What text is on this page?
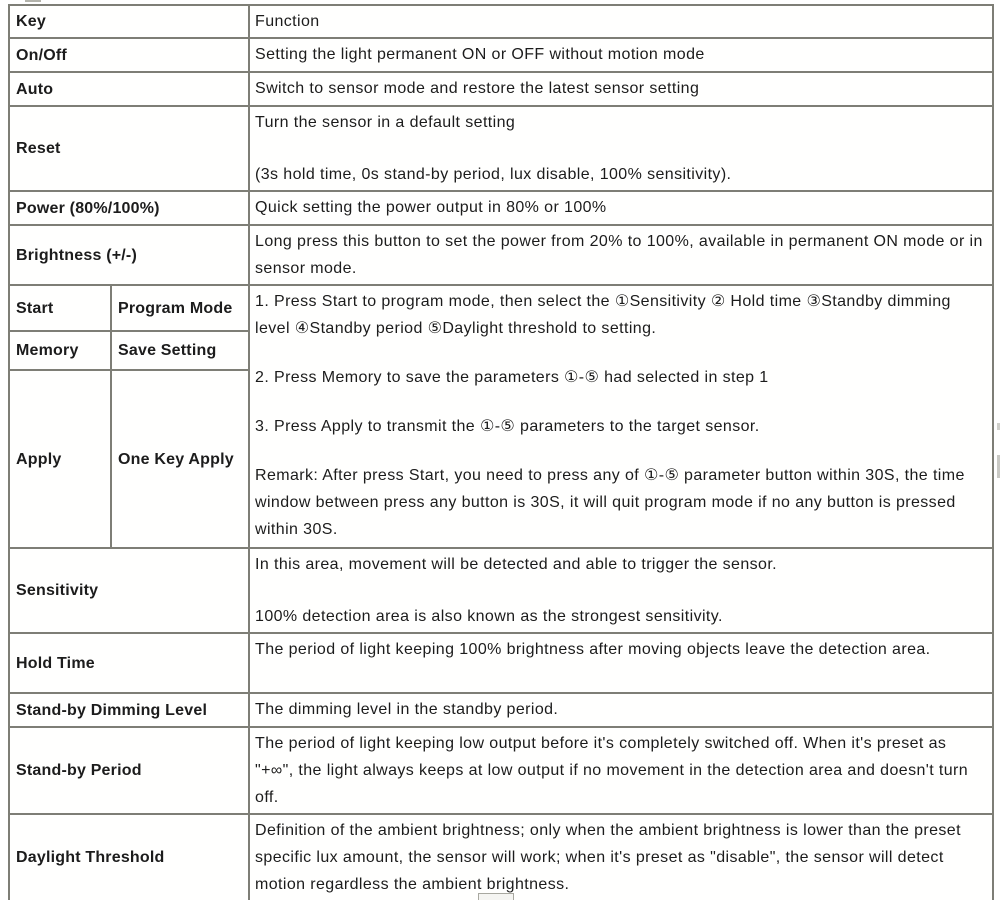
Key		Function
On/Off		Setting the light permanent ON or OFF without motion mode

Auto		Switch to sensor mode and restore the latest sensor setting

Reset		Turn the sensor in a default setting

(3s hold time, 0s stand-by period, lux disable, 100% sensitivity).

Power (80%/100%)		Quick setting the power output in 80% or 100%

Brightness (+/-)		Long press this button to set the power from 20% to 100%, available in permanent ON mode or in sensor mode.

Start	Program Mode	1. Press Start to program mode, then select the ①Sensitivity ② Hold time ③Standby dimming level ④Standby period ⑤Daylight threshold to setting.

2. Press Memory to save the parameters ①-⑤ had selected in step 1

3. Press Apply to transmit the ①-⑤ parameters to the target sensor.

Remark: After press Start, you need to press any of ①-⑤ parameter button within 30S, the time window between press any button is 30S, it will quit program mode if no any button is pressed within 30S.

Memory	Save Setting	
Apply	One Key Apply	
Sensitivity		In this area, movement will be detected and able to trigger the sensor.

100% detection area is also known as the strongest sensitivity.

Hold Time		The period of light keeping 100% brightness after moving objects leave the detection area.

Stand-by Dimming Level		The dimming level in the standby period.

Stand-by Period		The period of light keeping low output before it's completely switched off. When it's preset as "+∞", the light always keeps at low output if no movement in the detection area and doesn't turn off.

Daylight Threshold		Definition of the ambient brightness; only when the ambient brightness is lower than the preset specific lux amount, the sensor will work; when it's preset as "disable", the sensor will detect motion regardless the ambient brightness.
